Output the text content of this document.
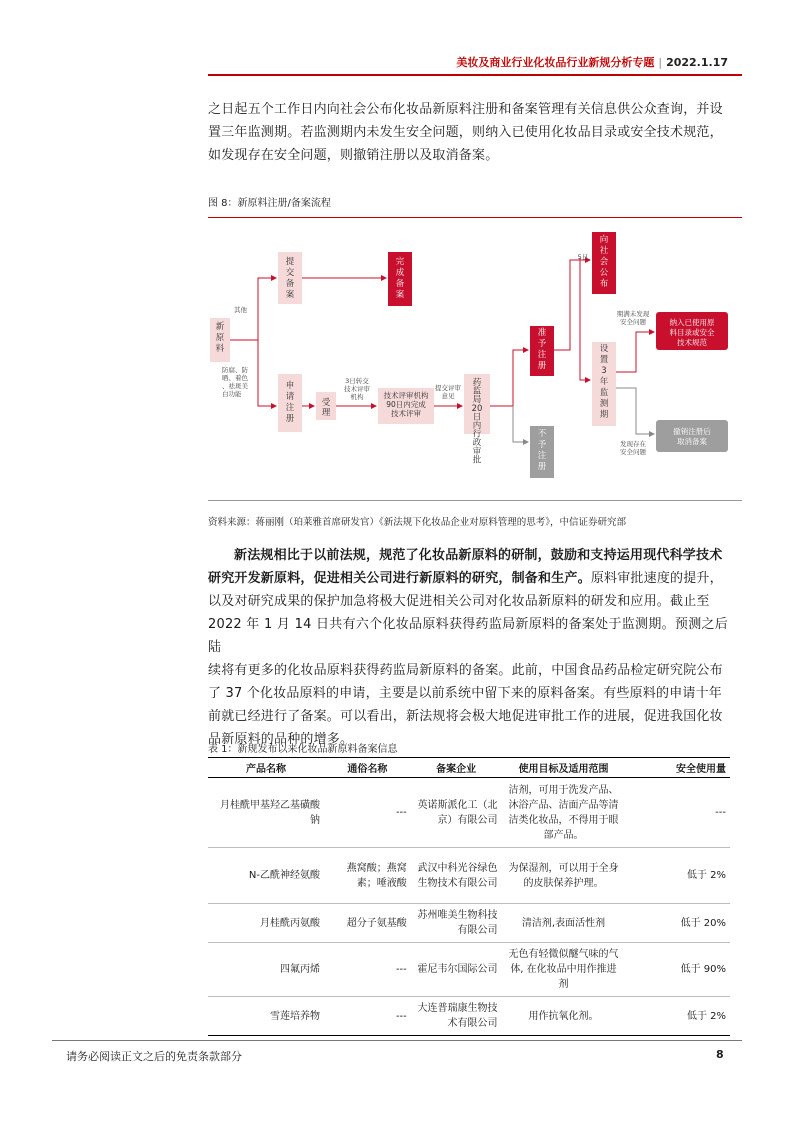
美妆及商业行业化妆品行业新规分析专题 | 2022.1.17

之日起五个工作日内向社会公布化妆品新原料注册和备案管理有关信息供公众查询，并设

置三年监测期。若监测期内未发生安全问题，则纳入已使用化妆品目录或安全技术规范，

如发现存在安全问题，则撤销注册以及取消备案。

图 8：新原料注册/备案流程
新原料
提交备案
完成备案
申请注册
受理
药监局 20 日内行政审批
准予注册
不予注册
向社会公布
设置 3 年监测期
技术评审机构 90日内完成技术评审
纳入已使用原料目录或安全技术规范
撤销注册后取消备案
其他
防腐、防晒、着色、祛斑美白功能
3日转交技术评审机构
提交评审意见
5日
期满未发现安全问题
发现存在安全问题
资料来源：蒋丽刚（珀莱雅首席研发官）《新法规下化妆品企业对原料管理的思考》，中信证券研究部

新法规相比于以前法规，规范了化妆品新原料的研制，鼓励和支持运用现代科学技术

研究开发新原料，促进相关公司进行新原料的研究，制备和生产。原料审批速度的提升，

以及对研究成果的保护加急将极大促进相关公司对化妆品新原料的研发和应用。截止至

2022 年 1 月 14 日共有六个化妆品原料获得药监局新原料的备案处于监测期。预测之后陆

续将有更多的化妆品原料获得药监局新原料的备案。此前，中国食品药品检定研究院公布

了 37 个化妆品原料的申请，主要是以前系统中留下来的原料备案。有些原料的申请十年

前就已经进行了备案。可以看出，新法规将会极大地促进审批工作的进展，促进我国化妆

品新原料的品种的增多。

表 1：新规发布以来化妆品新原料备案信息
产品名称	通俗名称	备案企业	使用目标及适用范围	安全使用量
月桂酰甲基羟乙基磺酸钠	---	英诺斯派化工（北京）有限公司	洁剂，可用于洗发产品、沐浴产品、洁面产品等清洁类化妆品，不得用于眼部产品。	---
N-乙酰神经氨酸	燕窝酸；燕窝素；唾液酸	武汉中科光谷绿色生物技术有限公司	为保湿剂，可以用于全身的皮肤保养护理。	低于 2%
月桂酰丙氨酸	超分子氨基酸	苏州唯美生物科技有限公司	清洁剂,表面活性剂	低于 20%
四氟丙烯	---	霍尼韦尔国际公司	无色有轻微似醚气味的气体, 在化妆品中用作推进剂	低于 90%
雪莲培养物	---	大连普瑞康生物技术有限公司	用作抗氧化剂。	低于 2%
请务必阅读正文之后的免责条款部分	8
